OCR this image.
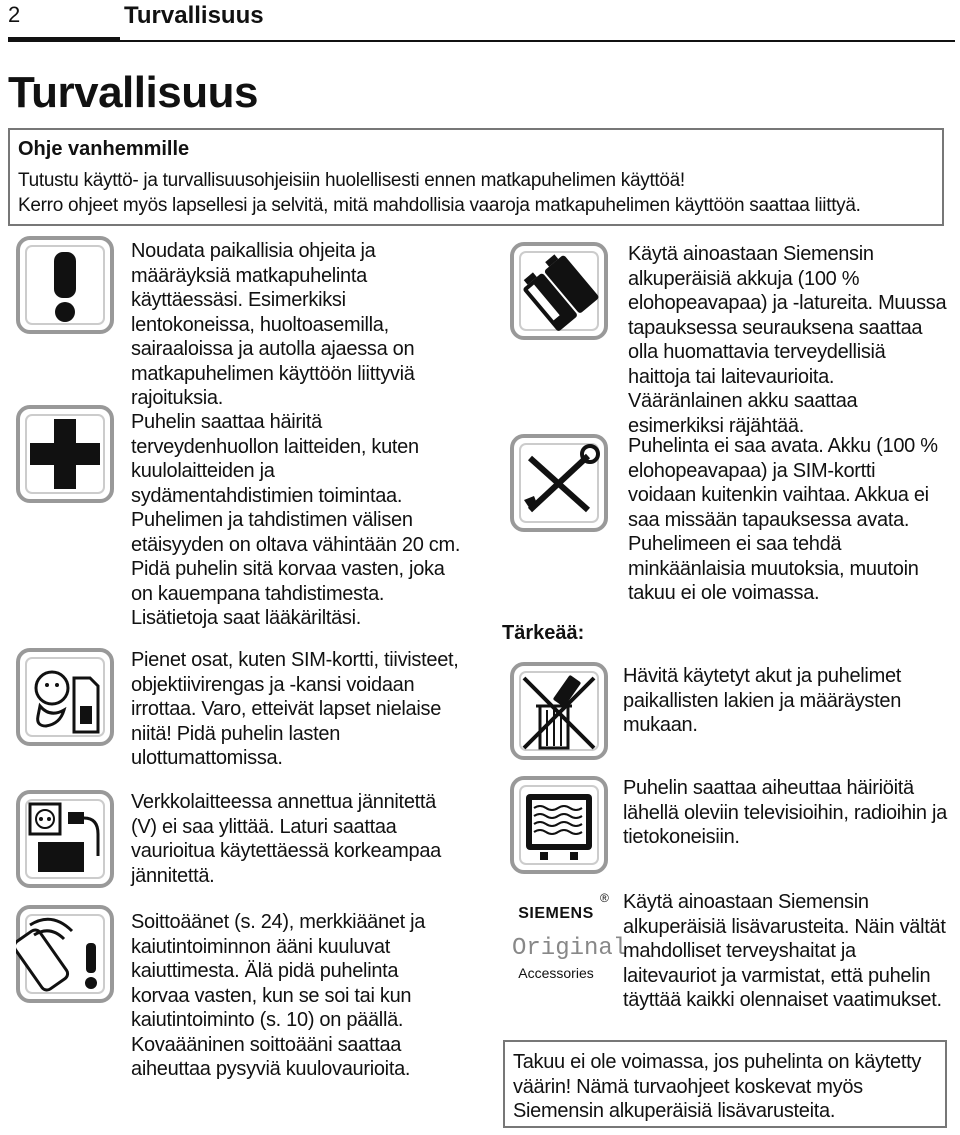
2	Turvallisuus
Turvallisuus
Ohje vanhemmille
Tutustu käyttö- ja turvallisuusohjeisiin huolellisesti ennen matkapuhelimen käyttöä!
Kerro ohjeet myös lapsellesi ja selvitä, mitä mahdollisia vaaroja matkapuhelimen käyttöön saattaa liittyä.
Noudata paikallisia ohjeita ja määräyksiä matkapuhelinta käyttäessäsi. Esimerkiksi lentokoneissa, huoltoasemilla, sairaaloissa ja autolla ajaessa on matkapuhelimen käyttöön liittyviä rajoituksia.
Puhelin saattaa häiritä terveydenhuollon laitteiden, kuten kuulolaitteiden ja sydämentahdistimien toimintaa. Puhelimen ja tahdistimen välisen etäisyyden on oltava vähintään 20 cm. Pidä puhelin sitä korvaa vasten, joka on kauempana tahdistimesta. Lisätietoja saat lääkäriltäsi.
Pienet osat, kuten SIM-kortti, tiivisteet, objektiivirengas ja -kansi voidaan irrottaa. Varo, etteivät lapset nielaise niitä! Pidä puhelin lasten ulottumattomissa.
Verkkolaitteessa annettua jännitettä (V) ei saa ylittää. Laturi saattaa vaurioitua käytettäessä korkeampaa jännitettä.
Soittoäänet (s. 24), merkkiäänet ja kaiutintoiminnon ääni kuuluvat kaiuttimesta. Älä pidä puhelinta korvaa vasten, kun se soi tai kun kaiutintoiminto (s. 10) on päällä. Kovaääninen soittoääni saattaa aiheuttaa pysyviä kuulovaurioita.
SIEMENS
Original
Accessories
®
Käytä ainoastaan Siemensin alkuperäisiä akkuja (100 % elohopeavapaa) ja -latureita. Muussa tapauksessa seurauksena saattaa olla huomattavia terveydellisiä haittoja tai laitevaurioita. Vääränlainen akku saattaa esimerkiksi räjähtää.
Puhelinta ei saa avata. Akku (100 % elohopeavapaa) ja SIM-kortti voidaan kuitenkin vaihtaa. Akkua ei saa missään tapauksessa avata. Puhelimeen ei saa tehdä minkäänlaisia muutoksia, muutoin takuu ei ole voimassa.
Tärkeää:
Hävitä käytetyt akut ja puhelimet paikallisten lakien ja määräysten mukaan.
Puhelin saattaa aiheuttaa häiriöitä lähellä oleviin televisioihin, radioihin ja tietokoneisiin.
Käytä ainoastaan Siemensin alkuperäisiä lisävarusteita. Näin vältät mahdolliset terveyshaitat ja laitevauriot ja varmistat, että puhelin täyttää kaikki olennaiset vaatimukset.
Takuu ei ole voimassa, jos puhelinta on käytetty väärin! Nämä turvaohjeet koskevat myös Siemensin alkuperäisiä lisävarusteita.
